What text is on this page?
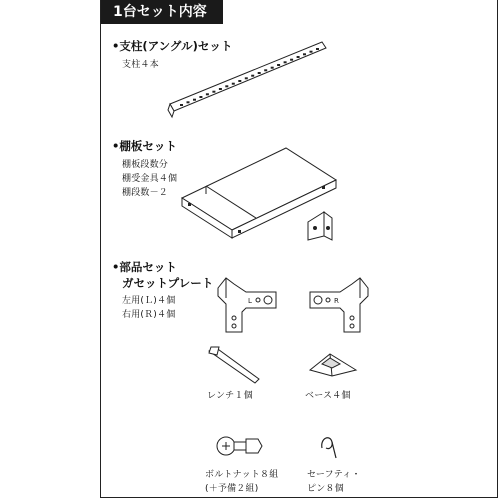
1台セット内容
•支柱(アングル)セット
支柱４本
•棚板セット
棚板段数分
棚受金具４個
棚段数－２
•部品セット
ガセットプレート
左用(Ｌ)４個
右用(Ｒ)４個
L	R
レンチ１個	ベース４個
ボルトナット８組
(＋予備２組)
セーフティ・
ピン８個
